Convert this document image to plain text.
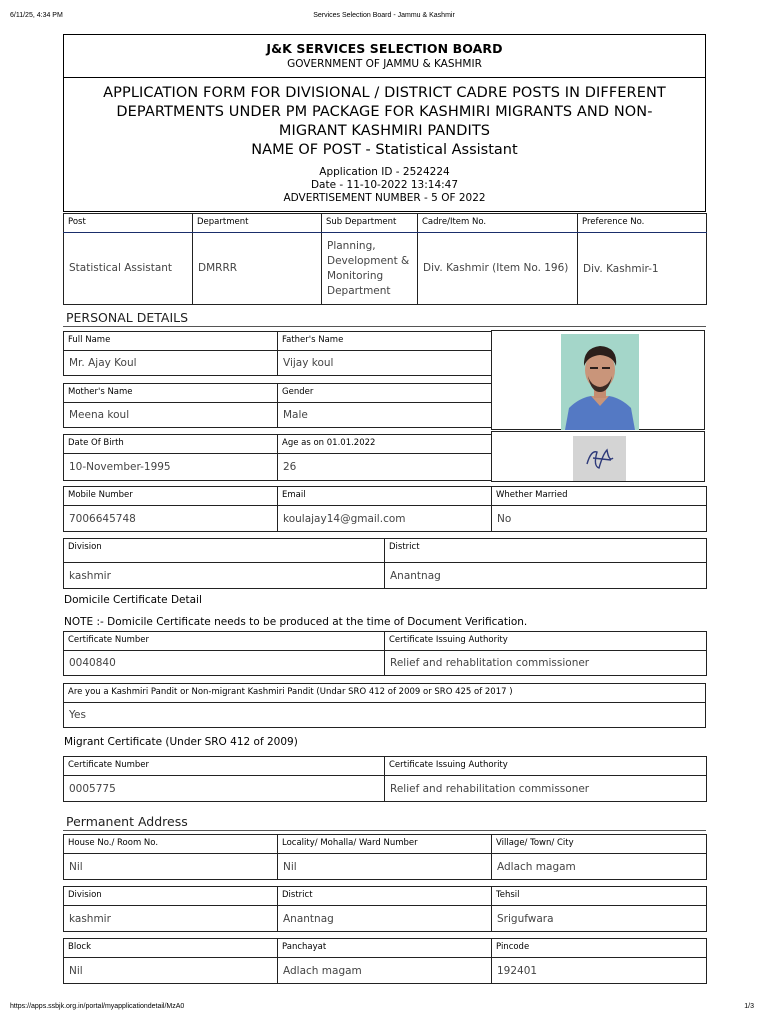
6/11/25, 4:34 PM	Services Selection Board - Jammu & Kashmir
J&K SERVICES SELECTION BOARD
GOVERNMENT OF JAMMU & KASHMIR
APPLICATION FORM FOR DIVISIONAL / DISTRICT CADRE POSTS IN DIFFERENT
DEPARTMENTS UNDER PM PACKAGE FOR KASHMIRI MIGRANTS AND NON-
MIGRANT KASHMIRI PANDITS
NAME OF POST - Statistical Assistant
Application ID - 2524224
Date - 11-10-2022 13:14:47
ADVERTISEMENT NUMBER - 5 OF 2022
Post	Department	Sub Department	Cadre/Item No.	Preference No.
Statistical Assistant	DMRRR	Planning, Development & Monitoring Department	Div. Kashmir (Item No. 196)	Div. Kashmir-1
PERSONAL DETAILS
Full Name	Father's Name
Mr. Ajay Koul	Vijay koul
Mother's Name	Gender
Meena koul	Male
Date Of Birth	Age as on 01.01.2022
10-November-1995	26
Mobile Number	Email	Whether Married
7006645748	koulajay14@gmail.com	No
Division	District
kashmir	Anantnag
Domicile Certificate Detail
NOTE :- Domicile Certificate needs to be produced at the time of Document Verification.
Certificate Number	Certificate Issuing Authority
0040840	Relief and rehablitation commissioner
Are you a Kashmiri Pandit or Non-migrant Kashmiri Pandit (Undar SRO 412 of 2009 or SRO 425 of 2017 )
Yes
Migrant Certificate (Under SRO 412 of 2009)
Certificate Number	Certificate Issuing Authority
0005775	Relief and rehabilitation commissoner
Permanent Address
House No./ Room No.	Locality/ Mohalla/ Ward Number	Village/ Town/ City
Nil	Nil	Adlach magam
Division	District	Tehsil
kashmir	Anantnag	Srigufwara
Block	Panchayat	Pincode
Nil	Adlach magam	192401
https://apps.ssbjk.org.in/portal/myapplicationdetail/MzA0	1/3
